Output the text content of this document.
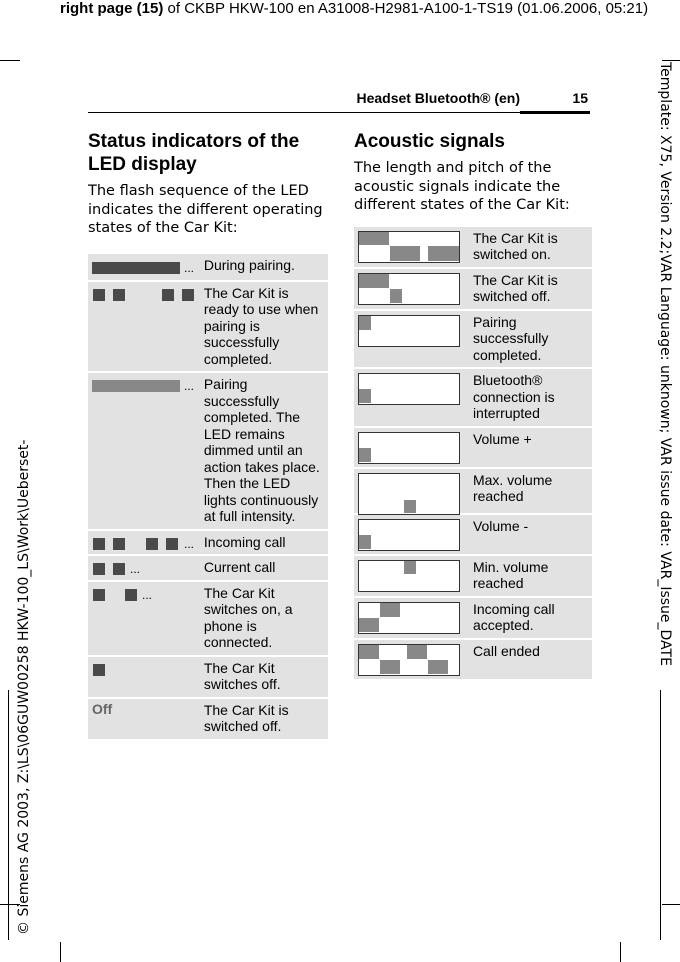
right page (15) of CKBP HKW-100 en A31008-H2981-A100-1-TS19 (01.06.2006, 05:21)
Template: X75, Version 2.2;VAR Language: unknown; VAR issue date: VAR_Issue_DATE
© Siemens AG 2003, Z:\LS\06GUW00258 HKW-100_LS\Work\Ueberset-
Headset Bluetooth® (en)	15
Status indicators of the LED display
The flash sequence of the LED indicates the different operating states of the Car Kit:
...	During pairing.

	The Car Kit is ready to use when pairing is successfully completed.

...	Pairing successfully completed. The LED remains dimmed until an action takes place. Then the LED lights continuously at full intensity.

...	Incoming call

...	Current call

...	The Car Kit switches on, a phone is connected.

	The Car Kit switches off.

Off	The Car Kit is switched off.
Acoustic signals
The length and pitch of the acoustic signals indicate the different states of the Car Kit:
	The Car Kit is switched on.

	The Car Kit is switched off.

	Pairing successfully completed.

	Bluetooth® connection is interrupted

	Volume +

	Max. volume reached

	Volume -

	Min. volume reached

	Incoming call accepted.

	Call ended
